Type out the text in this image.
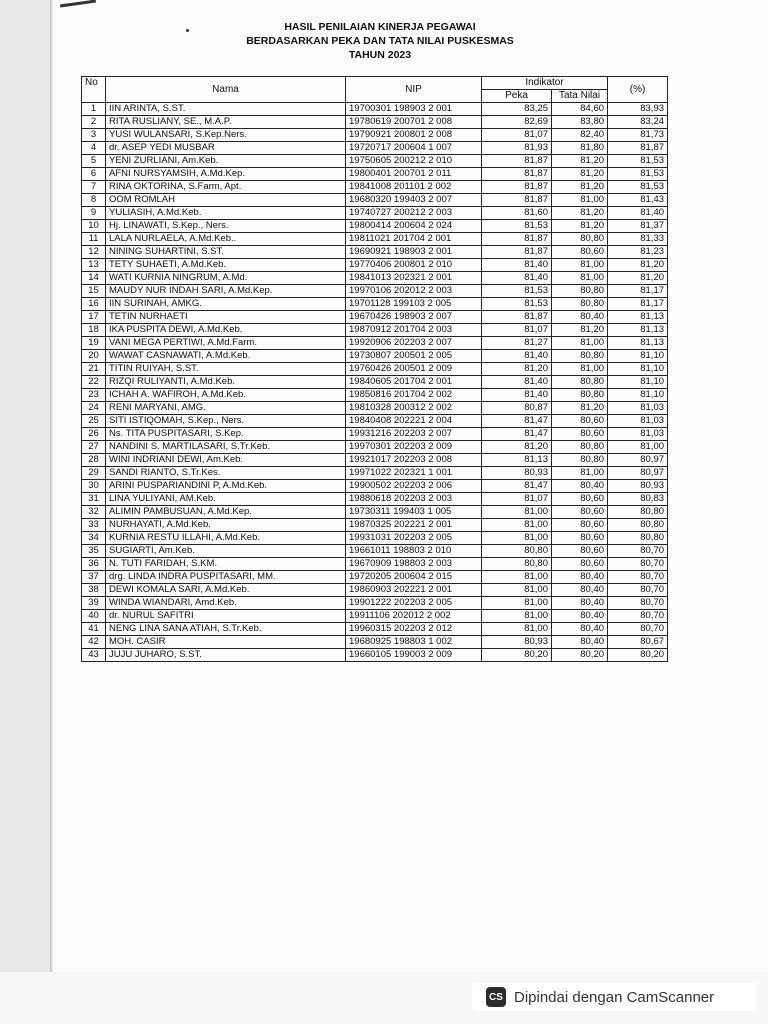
HASIL PENILAIAN KINERJA PEGAWAI
BERDASARKAN PEKA DAN TATA NILAI PUSKESMAS
TAHUN 2023
No	Nama	NIP	Indikator		(%)
			Peka	Tata Nilai	
1	IIN ARINTA, S.ST.	19700301 198903 2 001	83,25	84,60	83,93
2	RITA RUSLIANY, SE., M.A.P.	19780619 200701 2 008	82,69	83,80	83,24
3	YUSI WULANSARI, S.Kep.Ners.	19790921 200801 2 008	81,07	82,40	81,73
4	dr. ASEP YEDI MUSBAR	19720717 200604 1 007	81,93	81,80	81,87
5	YENI ZURLIANI, Am.Keb.	19750605 200212 2 010	81,87	81,20	81,53
6	AFNI NURSYAMSIH, A.Md.Kep.	19800401 200701 2 011	81,87	81,20	81,53
7	RINA OKTORINA, S.Farm, Apt.	19841008 201101 2 002	81,87	81,20	81,53
8	OOM ROMLAH	19680320 199403 2 007	81,87	81,00	81,43
9	YULIASIH, A.Md.Keb.	19740727 200212 2 003	81,60	81,20	81,40
10	Hj. LINAWATI, S.Kep., Ners.	19800414 200604 2 024	81,53	81,20	81,37
11	LALA NURLAELA, A.Md.Keb..	19811021 201704 2 001	81,87	80,80	81,33
12	NINING SUHARTINI, S.ST.	19690921 198903 2 001	81,87	80,60	81,23
13	TETY SUHAETI, A.Md.Keb.	19770406 200801 2 010	81,40	81,00	81,20
14	WATI KURNIA NINGRUM, A.Md.	19841013 202321 2 001	81,40	81,00	81,20
15	MAUDY NUR INDAH SARI, A.Md.Kep.	19970106 202012 2 003	81,53	80,80	81,17
16	IIN SURINAH, AMKG.	19701128 199103 2 005	81,53	80,80	81,17
17	TETIN NURHAETI	19670426 198903 2 007	81,87	80,40	81,13
18	IKA PUSPITA DEWI, A.Md.Keb.	19870912 201704 2 003	81,07	81,20	81,13
19	VANI MEGA PERTIWI, A.Md.Farm.	19920906 202203 2 007	81,27	81,00	81,13
20	WAWAT CASNAWATI, A.Md.Keb.	19730807 200501 2 005	81,40	80,80	81,10
21	TITIN RUIYAH, S.ST.	19760426 200501 2 009	81,20	81,00	81,10
22	RIZQI RULIYANTI, A.Md.Keb.	19840605 201704 2 001	81,40	80,80	81,10
23	ICHAH A. WAFIROH, A.Md.Keb.	19850816 201704 2 002	81,40	80,80	81,10
24	RENI MARYANI, AMG.	19810328 200312 2 002	80,87	81,20	81,03
25	SITI ISTIQOMAH, S.Kep., Ners.	19840408 202221 2 004	81,47	80,60	81,03
26	Ns. TITA PUSPITASARI, S.Kep.	19931216 202203 2 007	81,47	80,60	81,03
27	NANDINI S. MARTILASARI, S.Tr.Keb.	19970301 202203 2 009	81,20	80,80	81,00
28	WINI INDRIANI DEWI, Am.Keb.	19921017 202203 2 008	81,13	80,80	80,97
29	SANDI RIANTO, S.Tr.Kes.	19971022 202321 1 001	80,93	81,00	80,97
30	ARINI PUSPARIANDINI P, A.Md.Keb.	19900502 202203 2 006	81,47	80,40	80,93
31	LINA YULIYANI, AM.Keb.	19880618 202203 2 003	81,07	80,60	80,83
32	ALIMIN PAMBUSUAN, A.Md.Kep.	19730311 199403 1 005	81,00	80,60	80,80
33	NURHAYATI, A.Md.Keb.	19870325 202221 2 001	81,00	80,60	80,80
34	KURNIA RESTU ILLAHI, A.Md.Keb.	19931031 202203 2 005	81,00	80,60	80,80
35	SUGIARTI, Am.Keb.	19661011 198803 2 010	80,80	80,60	80,70
36	N. TUTI FARIDAH, S.KM.	19670909 198803 2 003	80,80	80,60	80,70
37	drg. LINDA INDRA PUSPITASARI, MM.	19720205 200604 2 015	81,00	80,40	80,70
38	DEWI KOMALA SARI, A.Md.Keb.	19860903 202221 2 001	81,00	80,40	80,70
39	WINDA WIANDARI, Amd.Keb.	19901222 202203 2 005	81,00	80,40	80,70
40	dr. NURUL SAFITRI	19911106 202012 2 002	81,00	80,40	80,70
41	NENG LINA SANA ATIAH, S.Tr.Keb.	19960315 202203 2 012	81,00	80,40	80,70
42	MOH. CASIR	19680925 198803 1 002	80,93	80,40	80,67
43	JUJU JUHARO, S.ST.	19660105 199003 2 009	80,20	80,20	80,20
CS Dipindai dengan CamScanner
